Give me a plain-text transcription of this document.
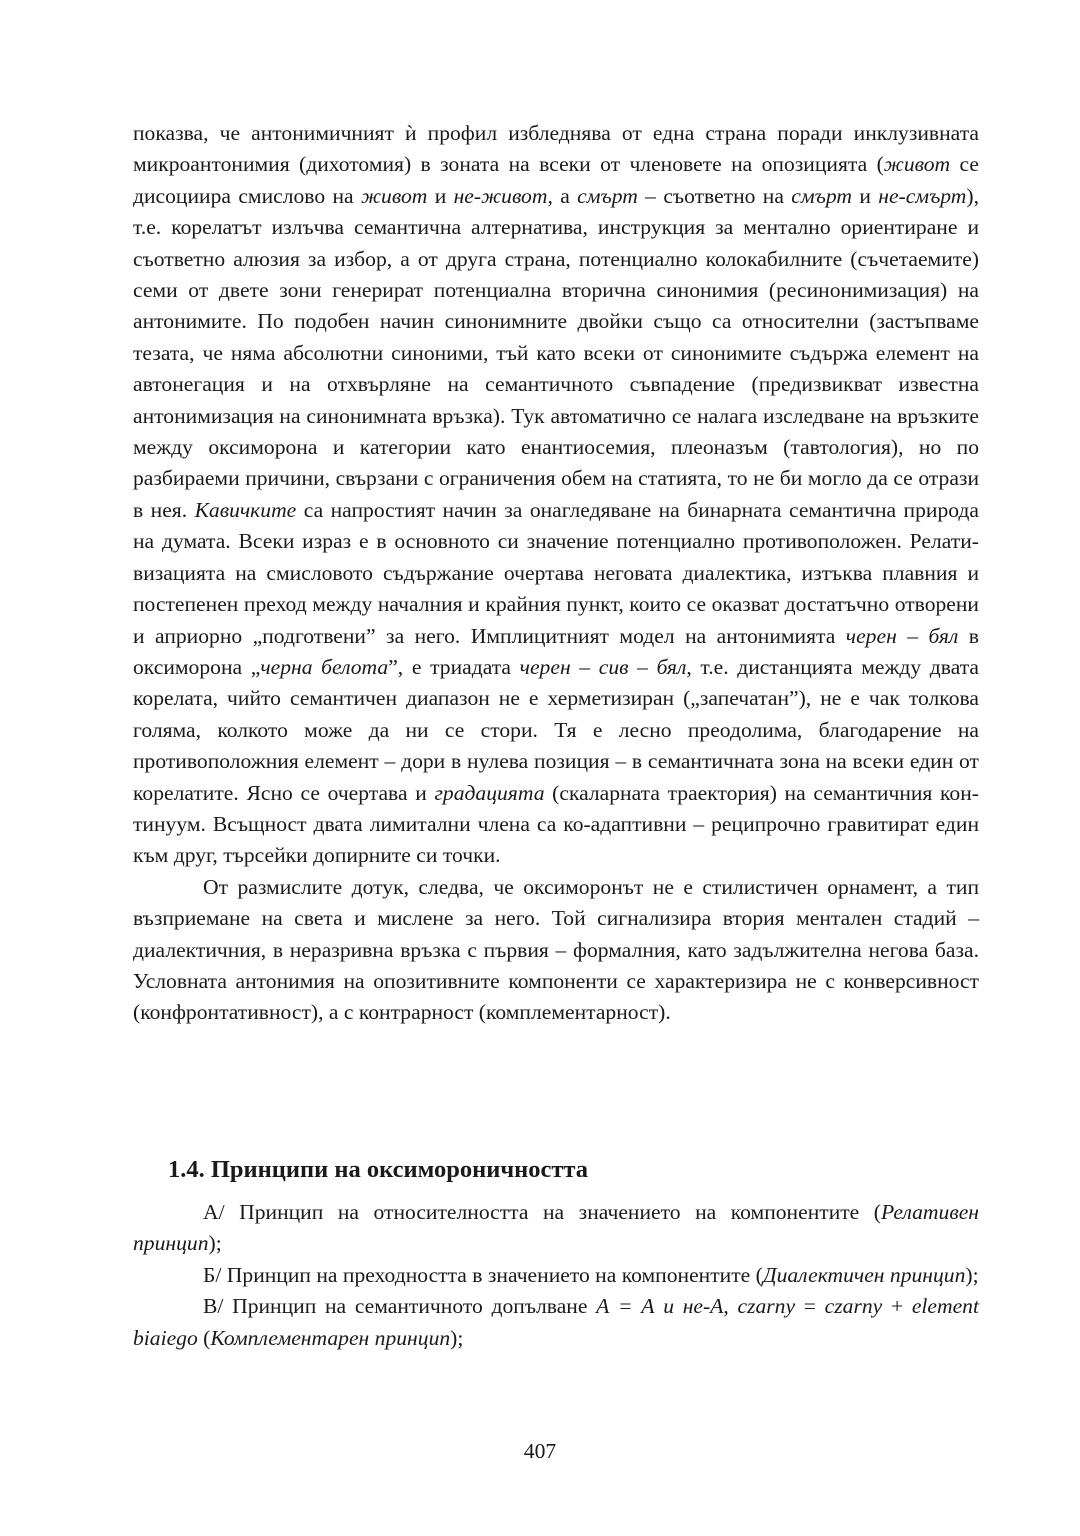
показва, че антонимичният ѝ профил избледнява от една страна поради инклузивната микроантонимия (дихотомия) в зоната на всеки от членовете на опозицията (живот се дисоциира смислово на живот и не-живот, а смърт – съответно на смърт и не-смърт), т.е. корелатът излъчва семантична алтернатива, инструкция за ментално ориентиране и съответно алюзия за избор, а от друга страна, потенциално колокабилните (съчетаемите) семи от двете зони генерират потенциална вторична синонимия (ресинонимизация) на антонимите. По подобен начин синонимните двойки също са относителни (застъпваме тезата, че няма абсолютни синоними, тъй като всеки от синонимите съдържа елемент на автонегация и на отхвърляне на семантичното съвпадение (предизвикват известна антонимизация на синонимната връзка). Тук автоматично се налага изследване на връзките между оксиморона и категории като енантиосемия, плеоназъм (тавтология), но по разбираеми причини, свързани с ограничения обем на статията, то не би могло да се отрази в нея. Кавичките са напростият начин за онагледяване на бинарната семантична природа на думата. Всеки израз е в основното си значение потенциално противоположен. Релативизацията на смисловото съдържание очертава неговата диалектика, изтъква плавния и постепенен преход между началния и крайния пункт, които се оказват достатъчно отворени и априорно „подготвени” за него. Имплицитният модел на антонимията черен – бял в оксиморона „черна белота”, е триадата черен – сив – бял, т.е. дистанцията между двата корелата, чийто семантичен диапазон не е херметизиран („запечатан”), не е чак толкова голяма, колкото може да ни се стори. Тя е лесно преодолима, благодарение на противоположния елемент – дори в нулева позиция – в семантичната зона на всеки един от корелатите. Ясно се очертава и градацията (скаларната траектория) на семантичния континуум. Всъщност двата лимитални члена са ко-адаптивни – реципрочно гравитират един към друг, търсейки допирните си точки.

От размислите дотук, следва, че оксиморонът не е стилистичен орнамент, а тип възприемане на света и мислене за него. Той сигнализира втория ментален стадий – диалектичния, в неразривна връзка с първия – формалния, като задължителна негова база. Условната антонимия на опозитивните компоненти се характеризира не с конверсивност (конфронтативност), а с контрарност (комплементарност).

1.4. Принципи на оксимороничността

А/ Принцип на относителността на значението на компонентите (Релативен принцип);

Б/ Принцип на преходността в значението на компонентите (Диалектичен принцип);

В/ Принцип на семантичното допълване А = А и не-А, czarny = czarny + element biaiego (Комплементарен принцип);

407
